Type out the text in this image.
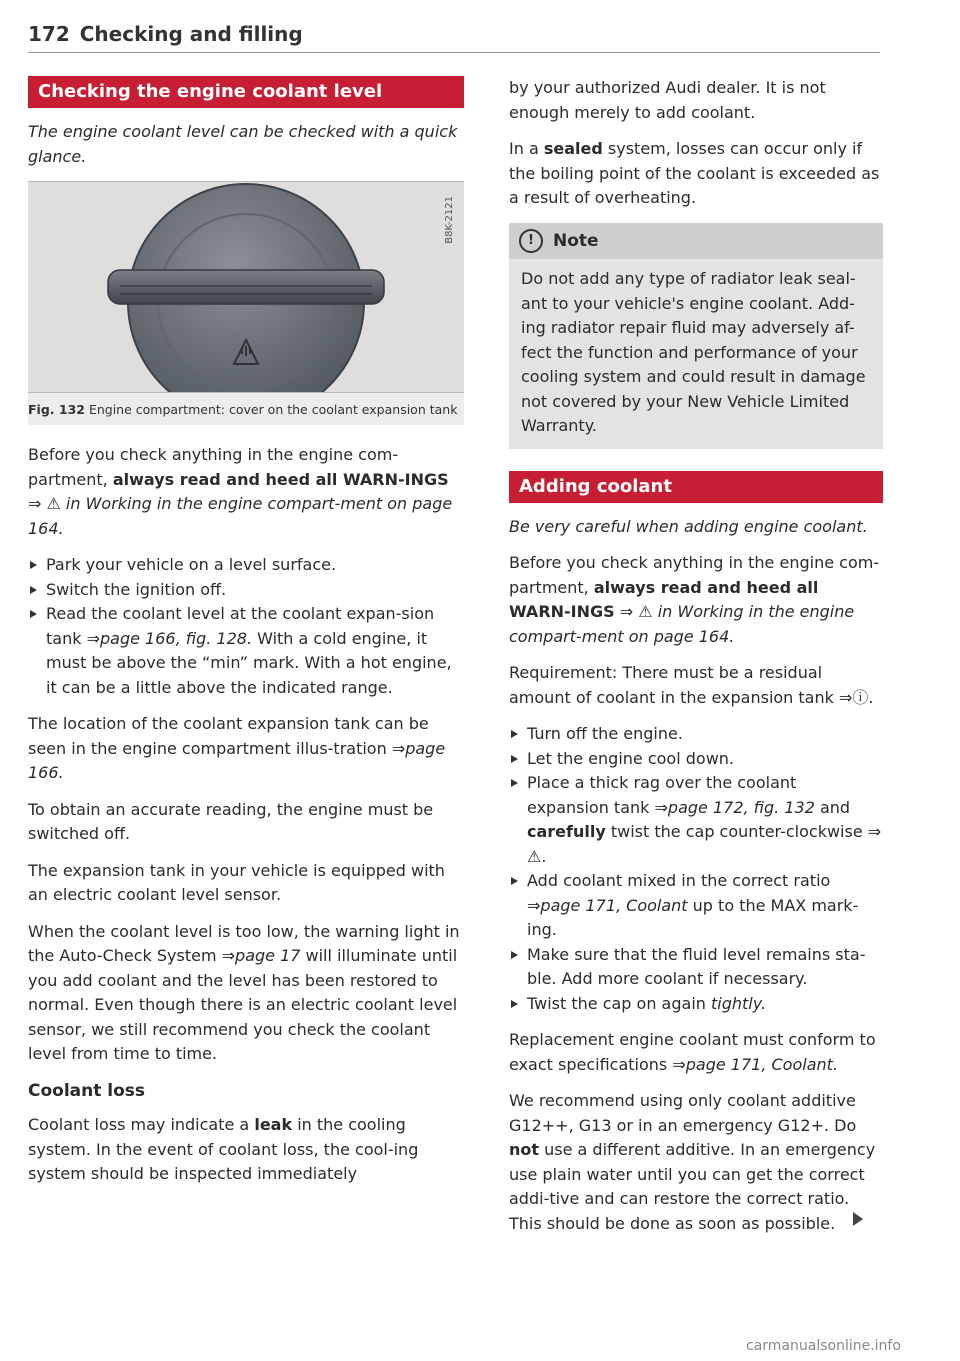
172 Checking and filling
Checking the engine coolant level

The engine coolant level can be checked with a quick glance.

B8K-2121
Fig. 132 Engine compartment: cover on the coolant expansion tank

Before you check anything in the engine com-partment, always read and heed all WARN-INGS ⇒ ⚠ in Working in the engine compart-ment on page 164.

Park your vehicle on a level surface.
Switch the ignition off.
Read the coolant level at the coolant expan-sion tank ⇒page 166, fig. 128. With a cold engine, it must be above the “min” mark. With a hot engine, it can be a little above the indicated range.

The location of the coolant expansion tank can be seen in the engine compartment illus-tration ⇒page 166.

To obtain an accurate reading, the engine must be switched off.

The expansion tank in your vehicle is equipped with an electric coolant level sensor.

When the coolant level is too low, the warning light in the Auto-Check System ⇒page 17 will illuminate until you add coolant and the level has been restored to normal. Even though there is an electric coolant level sensor, we still recommend you check the coolant level from time to time.

Coolant loss

Coolant loss may indicate a leak in the cooling system. In the event of coolant loss, the cool-ing system should be inspected immediately

by your authorized Audi dealer. It is not enough merely to add coolant.

In a sealed system, losses can occur only if the boiling point of the coolant is exceeded as a result of overheating.

!	Note
Do not add any type of radiator leak seal-ant to your vehicle's engine coolant. Add-ing radiator repair fluid may adversely af-fect the function and performance of your cooling system and could result in damage not covered by your New Vehicle Limited Warranty.
Adding coolant

Be very careful when adding engine coolant.

Before you check anything in the engine com-partment, always read and heed all WARN-INGS ⇒ ⚠ in Working in the engine compart-ment on page 164.

Requirement: There must be a residual amount of coolant in the expansion tank ⇒ⓘ.

Turn off the engine.
Let the engine cool down.
Place a thick rag over the coolant expansion tank ⇒page 172, fig. 132 and carefully twist the cap counter-clockwise ⇒ ⚠.
Add coolant mixed in the correct ratio ⇒page 171, Coolant up to the MAX mark-ing.
Make sure that the fluid level remains sta-ble. Add more coolant if necessary.
Twist the cap on again tightly.

Replacement engine coolant must conform to exact specifications ⇒page 171, Coolant.

We recommend using only coolant additive G12++, G13 or in an emergency G12+. Do not use a different additive. In an emergency use plain water until you can get the correct addi-tive and can restore the correct ratio. This should be done as soon as possible.

carmanualsonline.info
